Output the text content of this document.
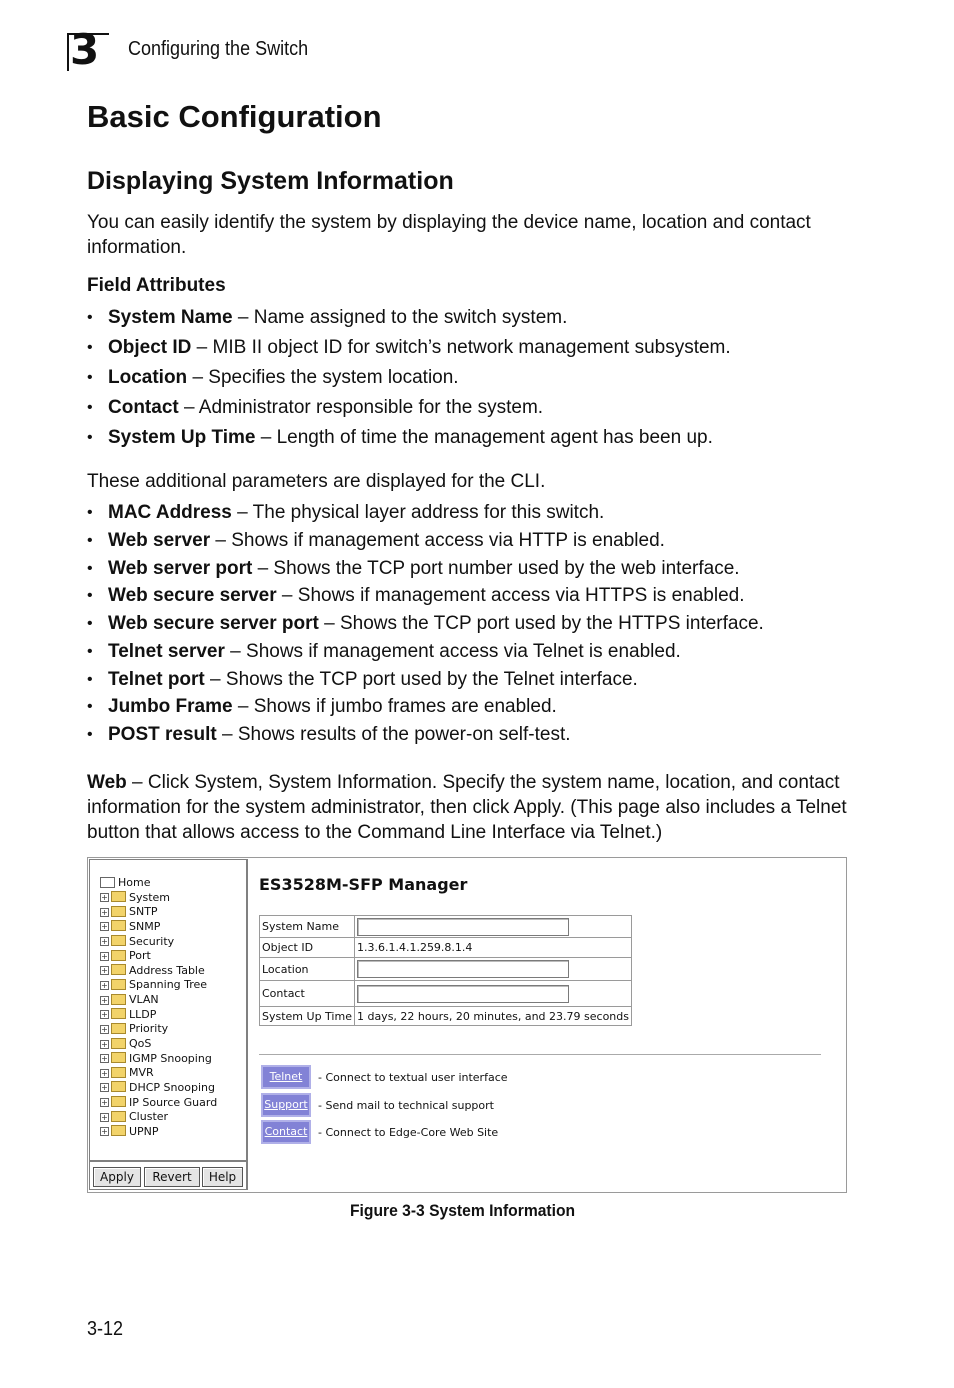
3 Configuring the Switch
Basic Configuration
Displaying System Information
You can easily identify the system by displaying the device name, location and contact information.
Field Attributes
• System Name – Name assigned to the switch system.
• Object ID – MIB II object ID for switch’s network management subsystem.
• Location – Specifies the system location.
• Contact – Administrator responsible for the system.
• System Up Time – Length of time the management agent has been up.
These additional parameters are displayed for the CLI.
• MAC Address – The physical layer address for this switch.
• Web server – Shows if management access via HTTP is enabled.
• Web server port – Shows the TCP port number used by the web interface.
• Web secure server – Shows if management access via HTTPS is enabled.
• Web secure server port – Shows the TCP port used by the HTTPS interface.
• Telnet server – Shows if management access via Telnet is enabled.
• Telnet port – Shows the TCP port used by the Telnet interface.
• Jumbo Frame – Shows if jumbo frames are enabled.
• POST result – Shows results of the power-on self-test.
Web – Click System, System Information. Specify the system name, location, and contact information for the system administrator, then click Apply. (This page also includes a Telnet button that allows access to the Command Line Interface via Telnet.)
Home
+ System
+ SNTP
+ SNMP
+ Security
+ Port
+ Address Table
+ Spanning Tree
+ VLAN
+ LLDP
+ Priority
+ QoS
+ IGMP Snooping
+ MVR
+ DHCP Snooping
+ IP Source Guard
+ Cluster
+ UPNP
Apply	Revert	Help
ES3528M-SFP Manager
System Name	
Object ID	1.3.6.1.4.1.259.8.1.4
Location	
Contact	
System Up Time	1 days, 22 hours, 20 minutes, and 23.79 seconds
Telnet	- Connect to textual user interface
Support - Send mail to technical support
Contact - Connect to Edge-Core Web Site
Figure 3-3 System Information
3-12
